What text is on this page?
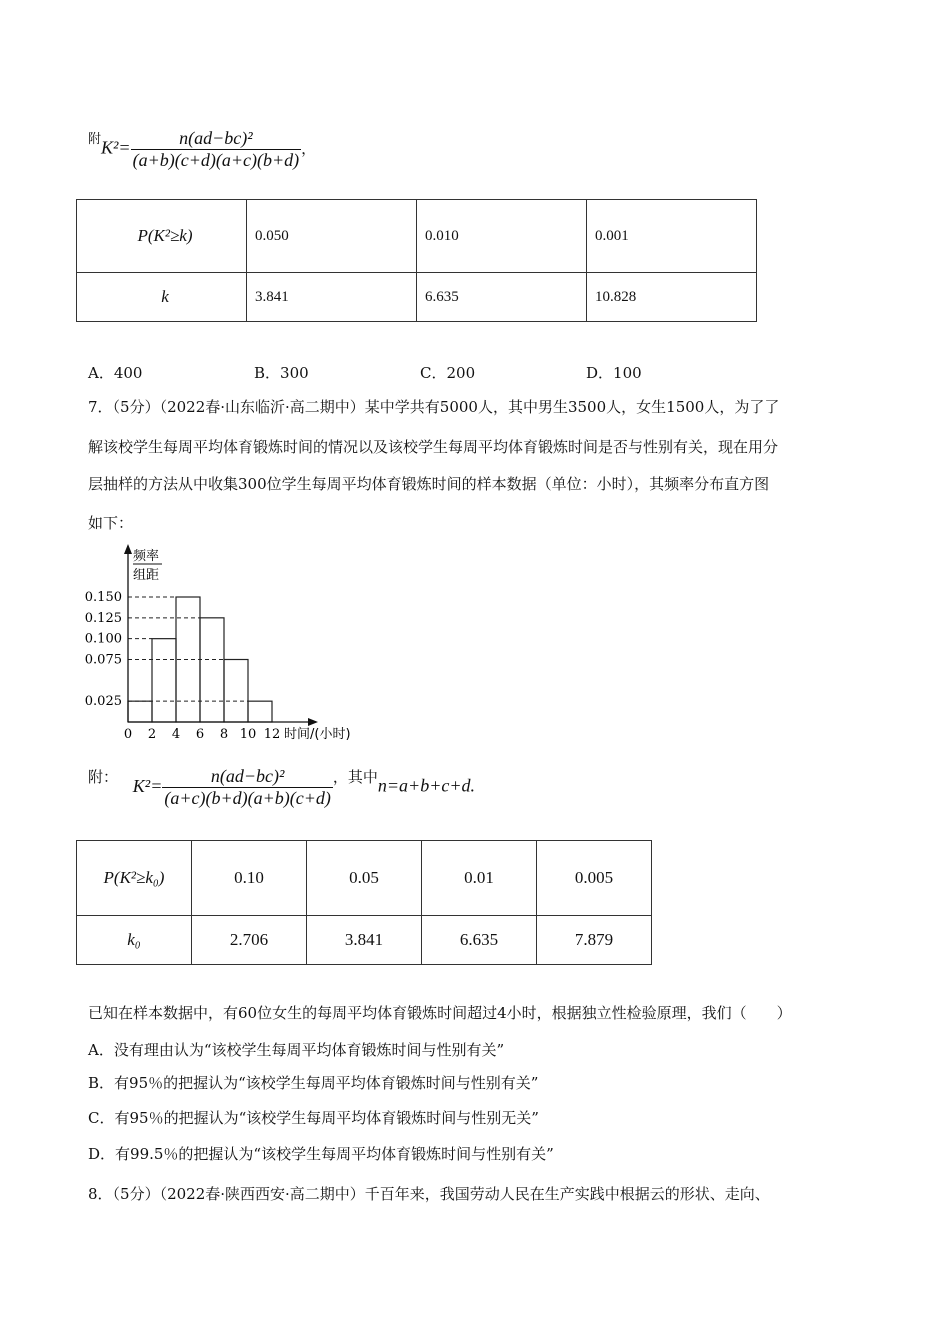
附$K^2= \frac{\text{n(ad−bc)²}}{(a+b)(c+d)(a+c)(b+d)}$ ，
P(K²≥k)	0.050	0.010	0.001
k	3.841	6.635	10.828
A．400	B．300	C．200	D．100
7．（5分）（2022春·山东临沂·高二期中）某中学共有5000人，其中男生3500人，女生1500人，为了了
解该校学生每周平均体育锻炼时间的情况以及该校学生每周平均体育锻炼时间是否与性别有关，现在用分
层抽样的方法从中收集300位学生每周平均体育锻炼时间的样本数据（单位：小时），其频率分布直方图
如下：
0.025
0.075
0.100
0.125
0.150
0 2 4 6 8 10 12 时间/(小时)
频率
组距
附： $K^2= \frac{\text{n(ad−bc)²}}{(a+c)(b+d)(a+b)(c+d)}$ ，其中n=a+b+c+d.
P(K²≥k₀)	0.10	0.05	0.01	0.005
k₀	2.706	3.841	6.635	7.879
已知在样本数据中，有60位女生的每周平均体育锻炼时间超过4小时，根据独立性检验原理，我们（　　）
A．没有理由认为“该校学生每周平均体育锻炼时间与性别有关”
B．有95％的把握认为“该校学生每周平均体育锻炼时间与性别有关”
C．有95％的把握认为“该校学生每周平均体育锻炼时间与性别无关”
D．有99.5％的把握认为“该校学生每周平均体育锻炼时间与性别有关”
8．（5分）（2022春·陕西西安·高二期中）千百年来，我国劳动人民在生产实践中根据云的形状、走向、
